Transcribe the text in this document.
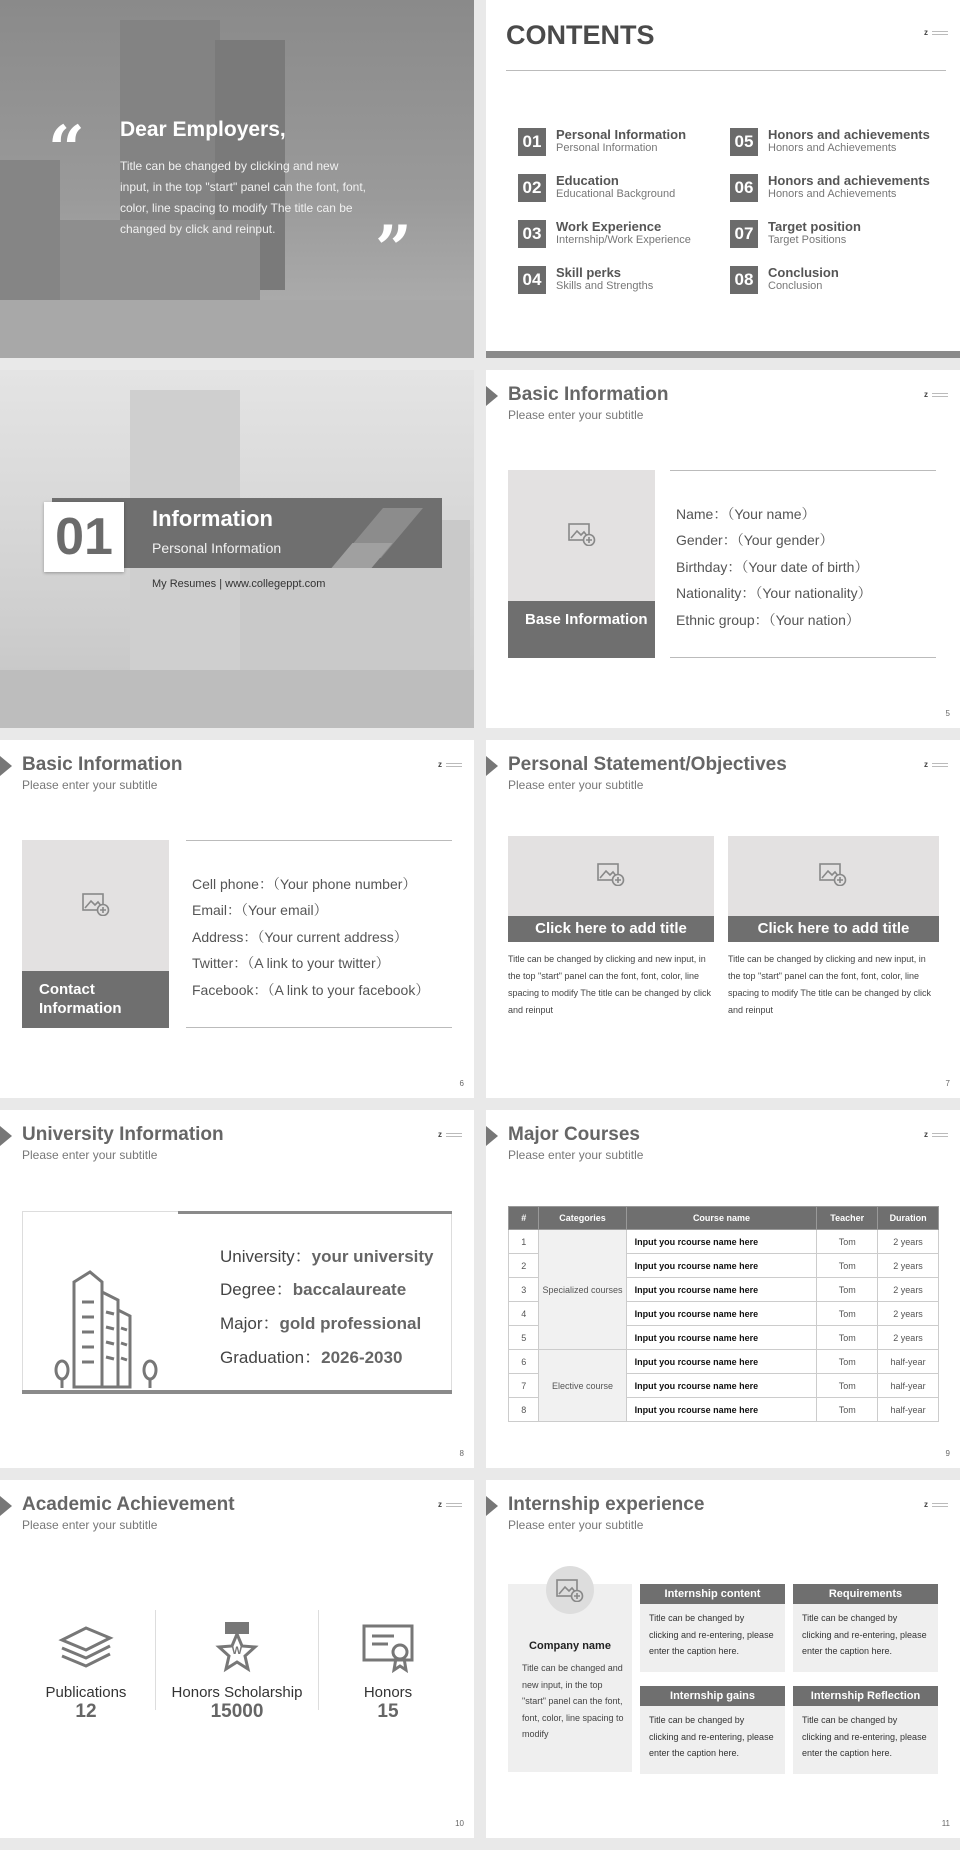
“ Dear Employers,
Title can be changed by clicking and new input, in the top "start" panel can the font, font, color, line spacing to modify The title can be changed by click and reinput.	”
CONTENTS	z
01	Personal Information
Personal Information
02	Education
Educational Background
03	Work Experience
Internship/Work Experience
04	Skill perks
Skills and Strengths
05	Honors and achievements
Honors and Achievements
06	Honors and achievements
Honors and Achievements
07	Target position
Target Positions
08	Conclusion
Conclusion
01	Information
Personal Information
My Resumes | www.collegeppt.com
Basic Information
Please enter your subtitle
z
Base Information
Name：（Your name）
Gender：（Your gender）
Birthday：（Your date of birth）
Nationality：（Your nationality）
Ethnic group：（Your nation）
5
Basic Information
Please enter your subtitle
z
Contact Information
Cell phone：（Your phone number）
Email：（Your email）
Address：（Your current address）
Twitter：（A link to your twitter）
Facebook：（A link to your facebook）
6
Personal Statement/Objectives
Please enter your subtitle
z
Click here to add title
Title can be changed by clicking and new input, in the top "start" panel can the font, font, color, line spacing to modify The title can be changed by click and reinput
Click here to add title
Title can be changed by clicking and new input, in the top "start" panel can the font, font, color, line spacing to modify The title can be changed by click and reinput
7
University Information
Please enter your subtitle
z
University：your university
Degree：baccalaureate
Major：gold professional
Graduation：2026-2030
8
Major Courses
Please enter your subtitle
z
#	Categories	Course name	Teacher	Duration
1	Specialized courses	Input you rcourse name here	Tom	2 years
2		Input you rcourse name here	Tom	2 years
3		Input you rcourse name here	Tom	2 years
4		Input you rcourse name here	Tom	2 years
5		Input you rcourse name here	Tom	2 years
6	Elective course	Input you rcourse name here	Tom	half-year
7		Input you rcourse name here	Tom	half-year
8		Input you rcourse name here	Tom	half-year
9
Academic Achievement
Please enter your subtitle
z
Publications
12
W
Honors Scholarship
15000
Honors
15
10
Internship experience
Please enter your subtitle
z
Company name
Title can be changed and new input, in the top "start" panel can the font, font, color, line spacing to modify
Internship content
Title can be changed by clicking and re-entering, please enter the caption here.
Requirements
Title can be changed by clicking and re-entering, please enter the caption here.
Internship gains
Title can be changed by clicking and re-entering, please enter the caption here.
Internship Reflection
Title can be changed by clicking and re-entering, please enter the caption here.
11
